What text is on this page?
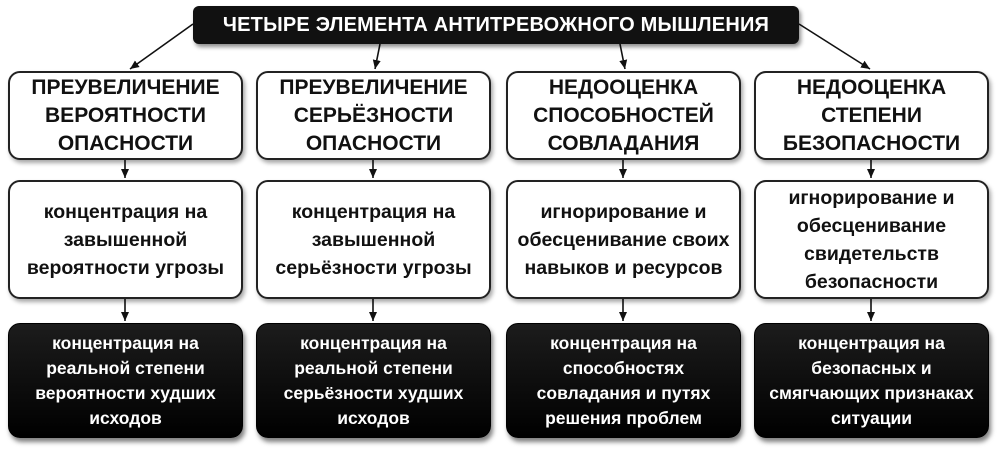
ЧЕТЫРЕ ЭЛЕМЕНТА АНТИТРЕВОЖНОГО МЫШЛЕНИЯ
ПРЕУВЕЛИЧЕНИЕ ВЕРОЯТНОСТИ ОПАСНОСТИ
концентрация на завышенной вероятности угрозы
концентрация на реальной степени вероятности худших исходов
ПРЕУВЕЛИЧЕНИЕ СЕРЬЁЗНОСТИ ОПАСНОСТИ
концентрация на завышенной серьёзности угрозы
концентрация на реальной степени серьёзности худших исходов
НЕДООЦЕНКА СПОСОБНОСТЕЙ СОВЛАДАНИЯ
игнорирование и обесценивание своих навыков и ресурсов
концентрация на способностях совладания и путях решения проблем
НЕДООЦЕНКА СТЕПЕНИ БЕЗОПАСНОСТИ
игнорирование и обесценивание свидетельств безопасности
концентрация на безопасных и смягчающих признаках ситуации
